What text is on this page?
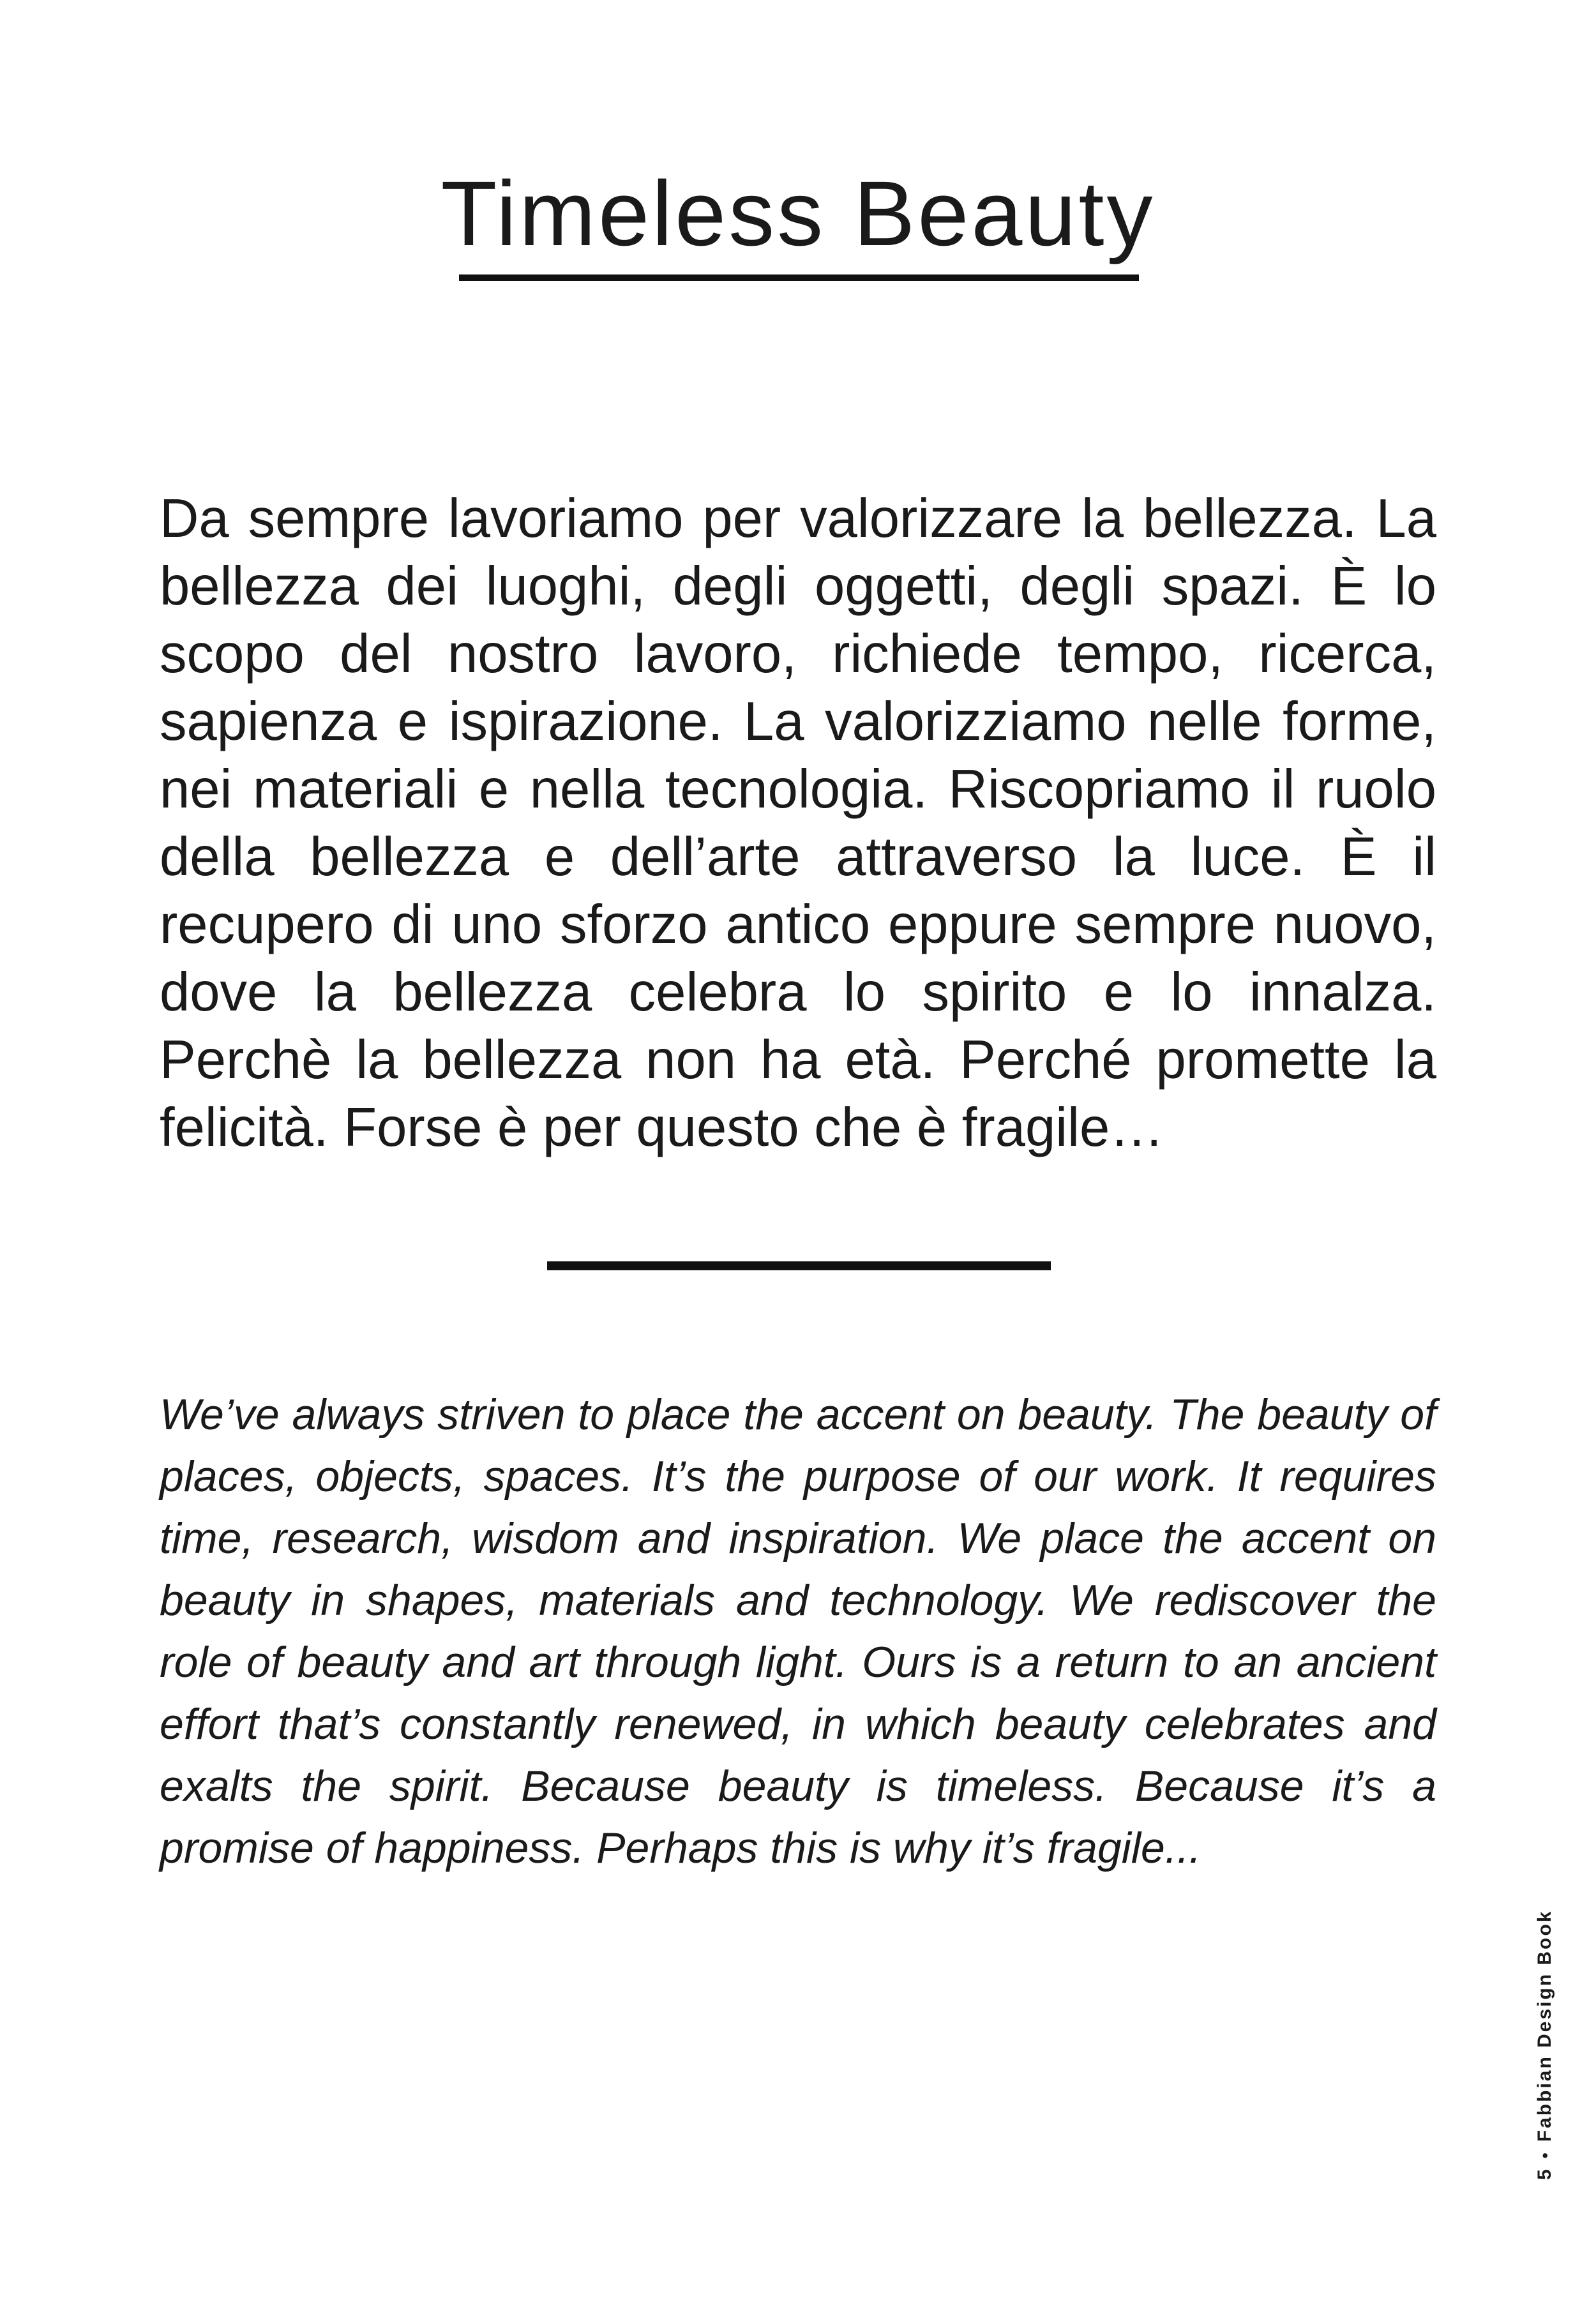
Timeless Beauty

Da sempre lavoriamo per valorizzare la bellezza. La bellezza dei luoghi, degli oggetti, degli spazi. È lo scopo del nostro lavoro, richiede tempo, ricerca, sapienza e ispirazione. La valorizziamo nelle forme, nei materiali e nella tecnologia. Riscopriamo il ruolo della bellezza e dell’arte attraverso la luce. È il recupero di uno sforzo antico eppure sempre nuovo, dove la bellezza celebra lo spirito e lo innalza. Perchè la bellezza non ha età. Perché promette la felicità. Forse è per questo che è fragile…

We’ve always striven to place the accent on beauty. The beauty of places, objects, spaces. It’s the purpose of our work. It requires time, research, wisdom and inspiration. We place the accent on beauty in shapes, materials and technology. We rediscover the role of beauty and art through light. Ours is a return to an ancient effort that’s constantly renewed, in which beauty celebrates and exalts the spirit. Because beauty is timeless. Because it’s a promise of happiness. Perhaps this is why it’s fragile...

5
•
Fabbian Design Book
